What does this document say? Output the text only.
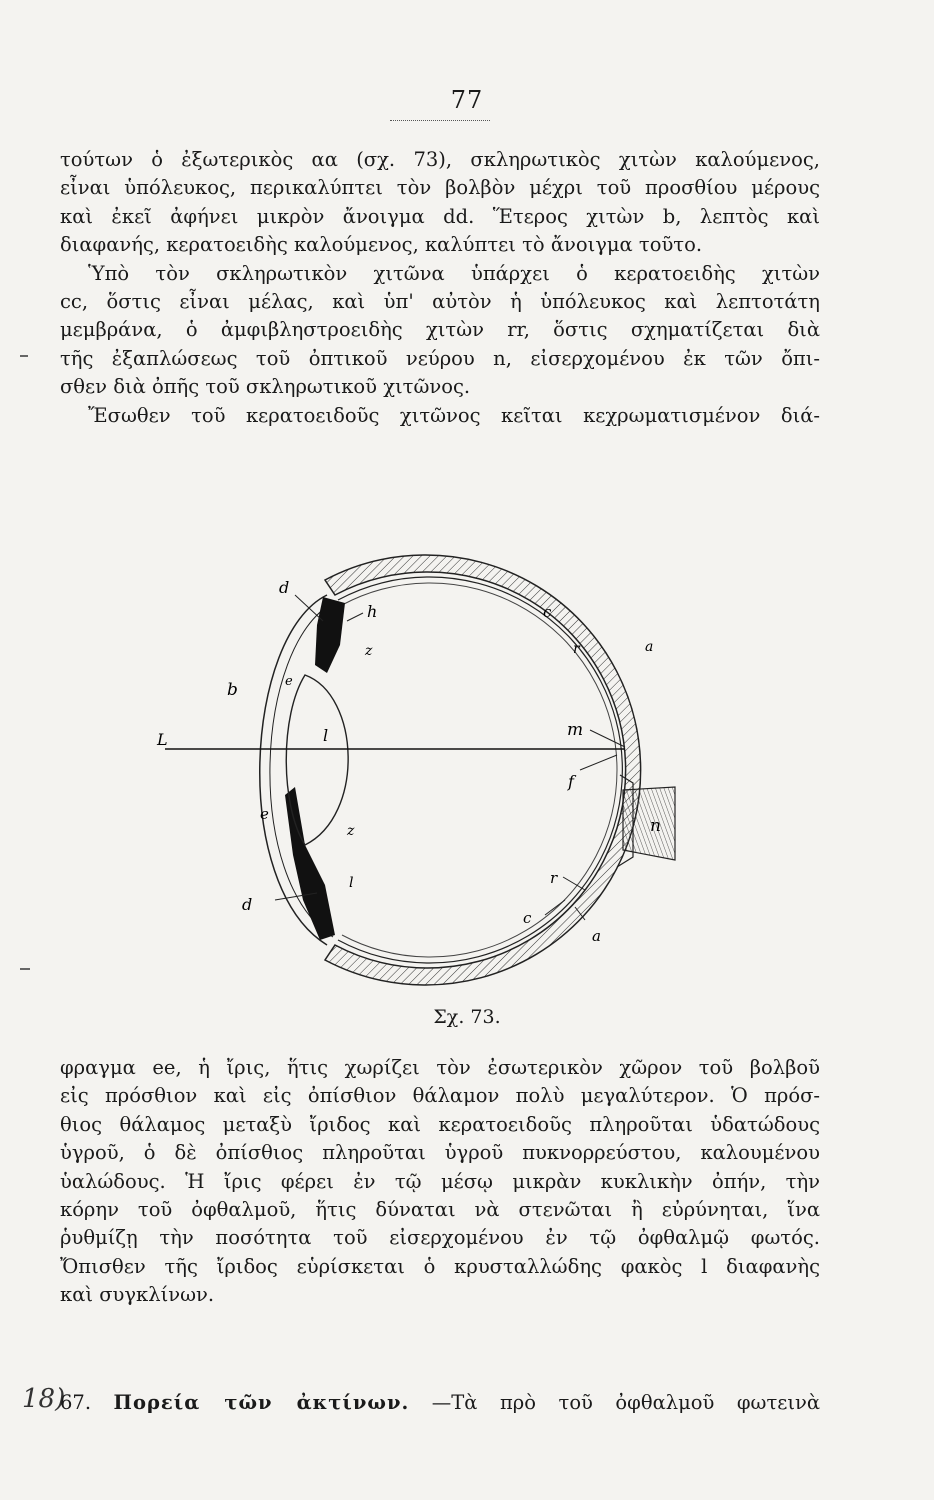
77
τούτων ὁ ἐξωτερικὸς αα (σχ. 73), σκληρωτικὸς χιτὼν καλούμενος,
εἶναι ὑπόλευκος, περικαλύπτει τὸν βολβὸν μέχρι τοῦ προσθίου μέρους
καὶ ἐκεῖ ἀφήνει μικρὸν ἄνοιγμα dd. Ἕτερος χιτὼν b, λεπτὸς καὶ
διαφανής, κερατοειδὴς καλούμενος, καλύπτει τὸ ἄνοιγμα τοῦτο.
Ὑπὸ τὸν σκληρωτικὸν χιτῶνα ὑπάρχει ὁ κερατοειδὴς χιτὼν
cc, ὅστις εἶναι μέλας, καὶ ὑπ' αὐτὸν ἡ ὑπόλευκος καὶ λεπτοτάτη
μεμβράνα, ὁ ἀμφιβληστροειδὴς χιτὼν rr, ὅστις σχηματίζεται διὰ
τῆς ἐξαπλώσεως τοῦ ὀπτικοῦ νεύρου n, εἰσερχομένου ἐκ τῶν ὄπι-
σθεν διὰ ὀπῆς τοῦ σκληρωτικοῦ χιτῶνος.
Ἔσωθεν τοῦ κερατοειδοῦς χιτῶνος κεῖται κεχρωματισμένον διά-
d
h	c
z	r	a
b	e
L	l	m
f
n
e
z
d
l	r
c
a
Σχ. 73.
φραγμα ee, ἡ ἴρις, ἥτις χωρίζει τὸν ἐσωτερικὸν χῶρον τοῦ βολβοῦ
εἰς πρόσθιον καὶ εἰς ὀπίσθιον θάλαμον πολὺ μεγαλύτερον. Ὁ πρόσ-
θιος θάλαμος μεταξὺ ἴριδος καὶ κερατοειδοῦς πληροῦται ὑδατώδους
ὑγροῦ, ὁ δὲ ὀπίσθιος πληροῦται ὑγροῦ πυκνορρεύστου, καλουμένου
ὑαλώδους. Ἡ ἴρις φέρει ἐν τῷ μέσῳ μικρὰν κυκλικὴν ὀπήν, τὴν
κόρην τοῦ ὀφθαλμοῦ, ἥτις δύναται νὰ στενῶται ἢ εὐρύνηται, ἵνα
ῥυθμίζῃ τὴν ποσότητα τοῦ εἰσερχομένου ἐν τῷ ὀφθαλμῷ φωτός.
Ὄπισθεν τῆς ἴριδος εὑρίσκεται ὁ κρυσταλλώδης φακὸς l διαφανὴς
καὶ συγκλίνων.
18)
67. Πορεία τῶν ἀκτίνων. —Τὰ πρὸ τοῦ ὀφθαλμοῦ φωτεινὰ
